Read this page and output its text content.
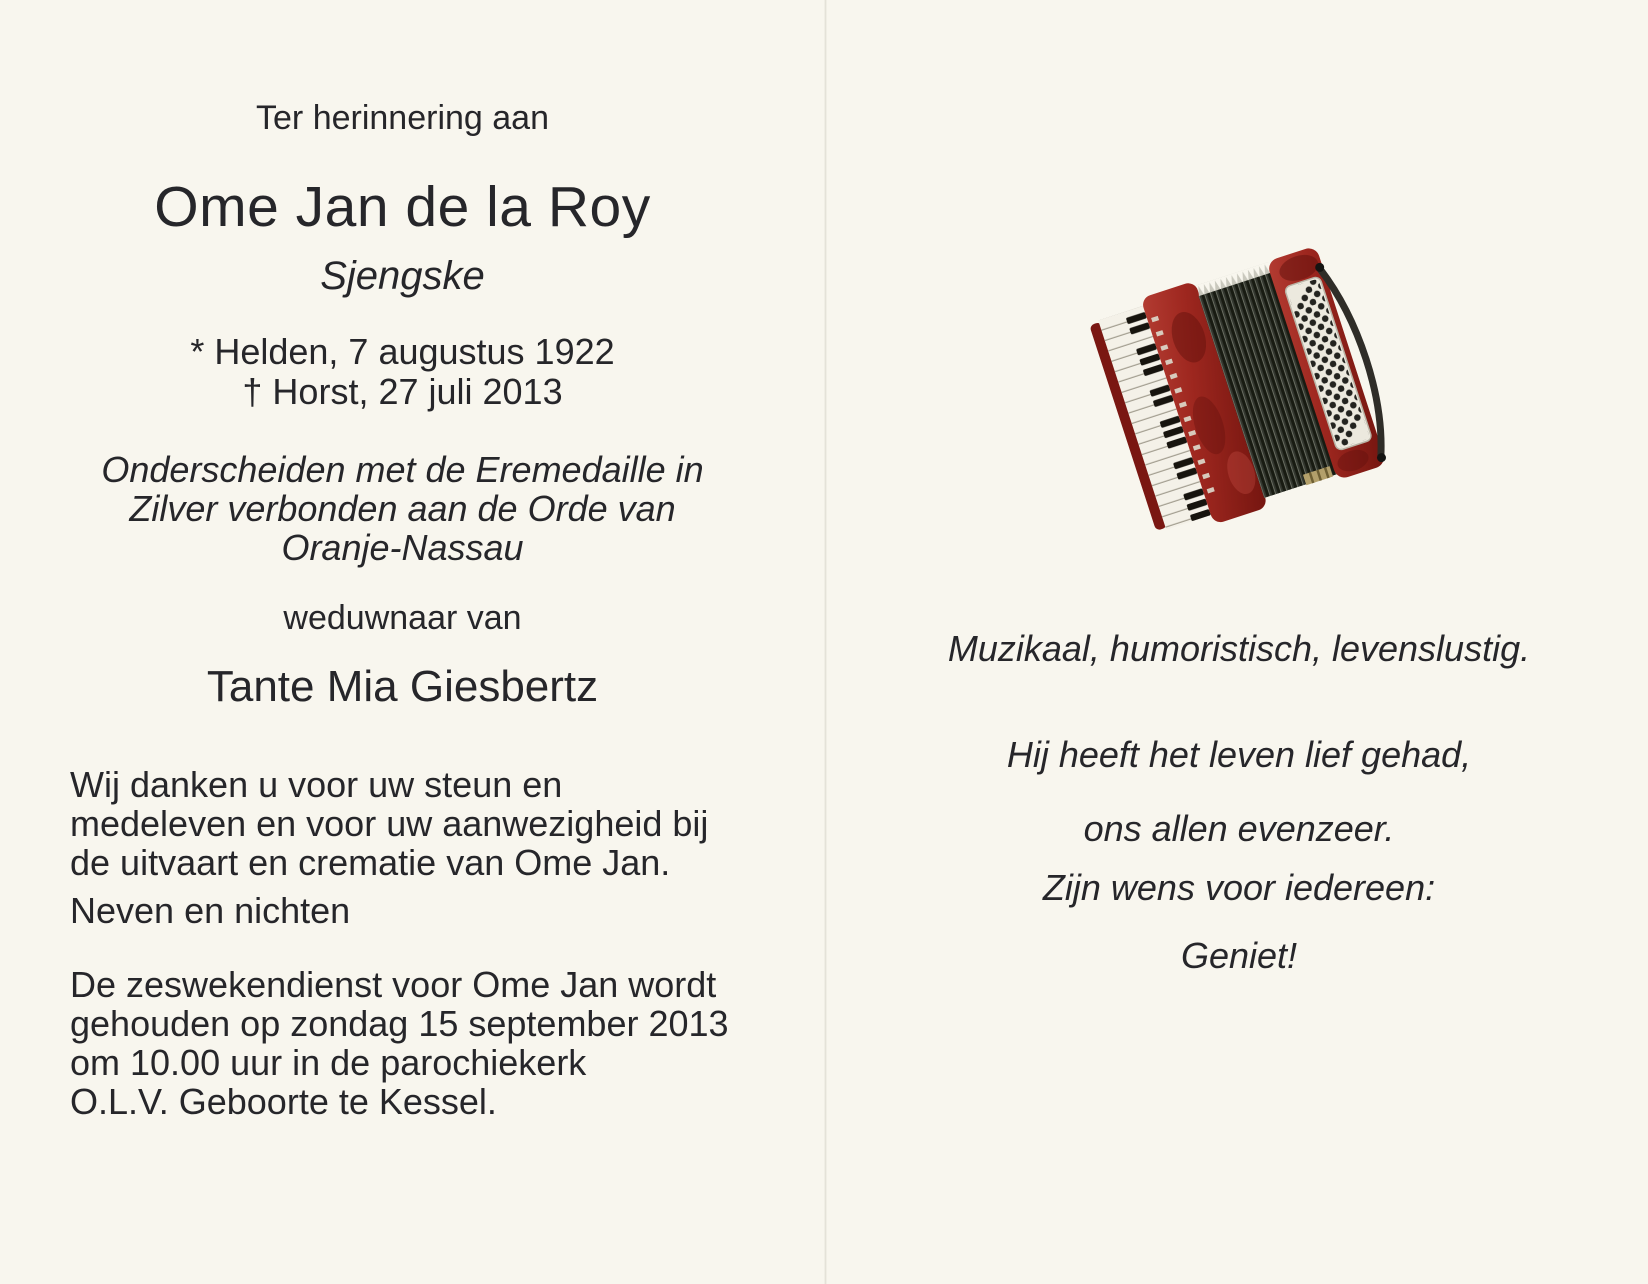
Ter herinnering aan
Ome Jan de la Roy
Sjengske
* Helden, 7 augustus 1922
† Horst, 27 juli 2013
Onderscheiden met de Eremedaille in
Zilver verbonden aan de Orde van
Oranje-Nassau
weduwnaar van
Tante Mia Giesbertz
Wij danken u voor uw steun en
medeleven en voor uw aanwezigheid bij
de uitvaart en crematie van Ome Jan.
Neven en nichten
De zeswekendienst voor Ome Jan wordt
gehouden op zondag 15 september 2013
om 10.00 uur in de parochiekerk
O.L.V. Geboorte te Kessel.
Muzikaal, humoristisch, levenslustig.
Hij heeft het leven lief gehad,
ons allen evenzeer.
Zijn wens voor iedereen:
Geniet!
